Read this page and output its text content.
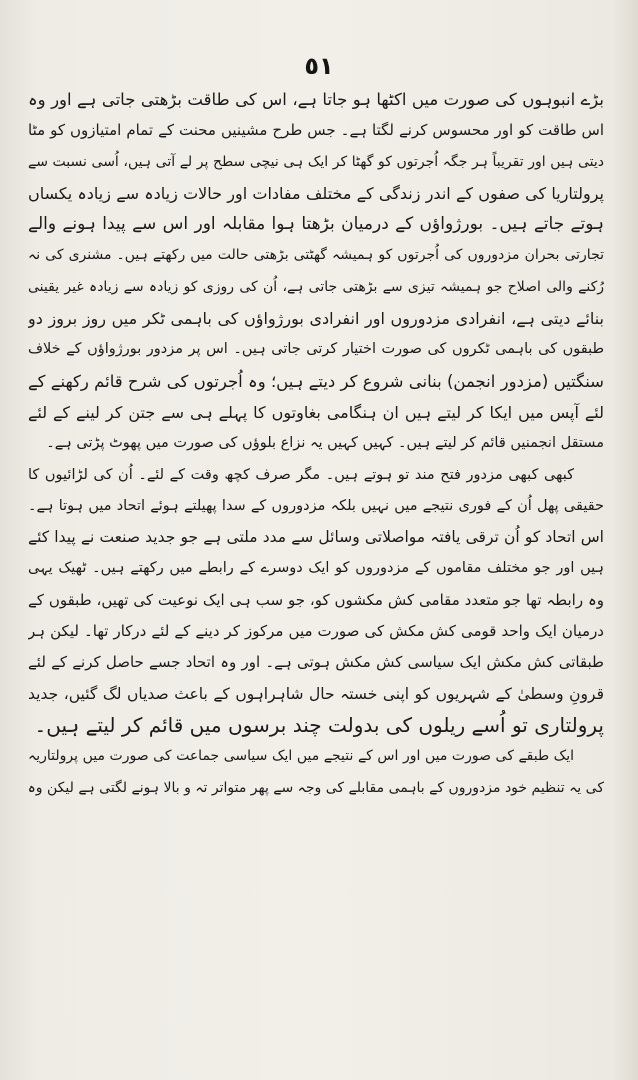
٥١
بڑے انبوہوں کی صورت میں اکٹھا ہو جاتا ہے، اس کی طاقت بڑھتی جاتی ہے اور وہ
اس طاقت کو اور محسوس کرنے لگتا ہے۔ جس طرح مشینیں محنت کے تمام امتیازوں کو مٹا
دیتی ہیں اور تقریباً ہر جگہ اُجرتوں کو گھٹا کر ایک ہی نیچی سطح پر لے آتی ہیں، اُسی نسبت سے
پرولتاریا کی صفوں کے اندر زندگی کے مختلف مفادات اور حالات زیادہ سے زیادہ یکساں
ہوتے جاتے ہیں۔ بورژواؤں کے درمیان بڑھتا ہوا مقابلہ اور اس سے پیدا ہونے والے
تجارتی بحران مزدوروں کی اُجرتوں کو ہمیشہ گھٹتی بڑھتی حالت میں رکھتے ہیں۔ مشنری کی نہ
رُکنے والی اصلاح جو ہمیشہ تیزی سے بڑھتی جاتی ہے، اُن کی روزی کو زیادہ سے زیادہ غیر یقینی
بنائے دیتی ہے، انفرادی مزدوروں اور انفرادی بورژواؤں کی باہمی ٹکر میں روز بروز دو
طبقوں کی باہمی ٹکروں کی صورت اختیار کرتی جاتی ہیں۔ اس پر مزدور بورژواؤں کے خلاف
سنگتیں (مزدور انجمن) بنانی شروع کر دیتے ہیں؛ وہ اُجرتوں کی شرح قائم رکھنے کے
لئے آپس میں ایکا کر لیتے ہیں ان ہنگامی بغاوتوں کا پہلے ہی سے جتن کر لینے کے لئے
مستقل انجمنیں قائم کر لیتے ہیں۔ کہیں کہیں یہ نزاع بلوؤں کی صورت میں پھوٹ پڑتی ہے۔
کبھی کبھی مزدور فتح مند تو ہوتے ہیں۔ مگر صرف کچھ وقت کے لئے۔ اُن کی لڑائیوں کا
حقیقی پھل اُن کے فوری نتیجے میں نہیں بلکہ مزدوروں کے سدا پھیلتے ہوئے اتحاد میں ہوتا ہے۔
اس اتحاد کو اُن ترقی یافتہ مواصلاتی وسائل سے مدد ملتی ہے جو جدید صنعت نے پیدا کئے
ہیں اور جو مختلف مقاموں کے مزدوروں کو ایک دوسرے کے رابطے میں رکھتے ہیں۔ ٹھیک یہی
وہ رابطہ تھا جو متعدد مقامی کش مکشوں کو، جو سب ہی ایک نوعیت کی تھیں، طبقوں کے
درمیان ایک واحد قومی کش مکش کی صورت میں مرکوز کر دینے کے لئے درکار تھا۔ لیکن ہر
طبقاتی کش مکش ایک سیاسی کش مکش ہوتی ہے۔ اور وہ اتحاد جسے حاصل کرنے کے لئے
قرونِ وسطیٰ کے شہریوں کو اپنی خستہ حال شاہراہوں کے باعث صدیاں لگ گئیں، جدید
پرولتاری تو اُسے ریلوں کی بدولت چند برسوں میں قائم کر لیتے ہیں۔
ایک طبقے کی صورت میں اور اس کے نتیجے میں ایک سیاسی جماعت کی صورت میں پرولتاریہ
کی یہ تنظیم خود مزدوروں کے باہمی مقابلے کی وجہ سے پھر متواتر تہ و بالا ہونے لگتی ہے لیکن وہ
